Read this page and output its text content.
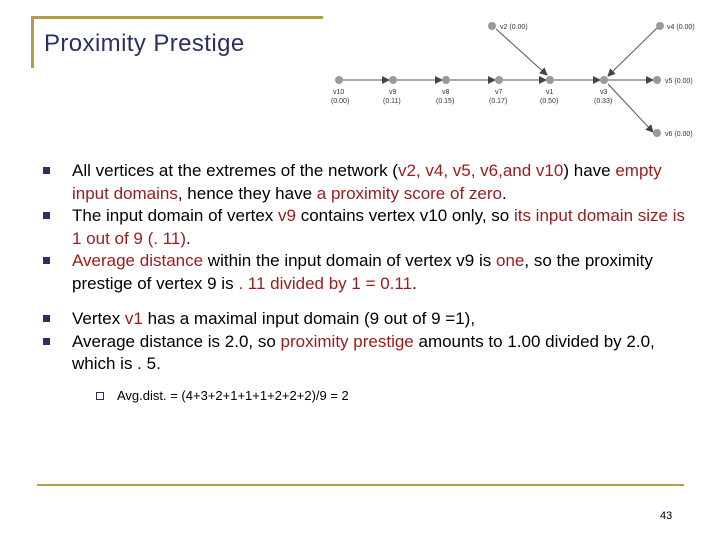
Proximity Prestige
v2 (0.00)	v4 (0.00)
v5 (0.00)
v6 (0.00)
v10
(0.00)
v9
(0.11)
v8
(0.15)
v7
(0.17)
v1
(0.50)
v3
(0.33)
All vertices at the extremes of the network (v2, v4, v5, v6,and v10) have empty input domains, hence they have a proximity score of zero.
The input domain of vertex v9 contains vertex v10 only, so its input domain size is 1 out of 9 (. 11).
Average distance within the input domain of vertex v9 is one, so the proximity prestige of vertex 9 is . 11 divided by 1 = 0.11.
Vertex v1 has a maximal input domain (9 out of 9 =1),
Average distance is 2.0, so proximity prestige amounts to 1.00 divided by 2.0, which is . 5.
Avg.dist. = (4+3+2+1+1+1+2+2+2)/9 = 2
43
